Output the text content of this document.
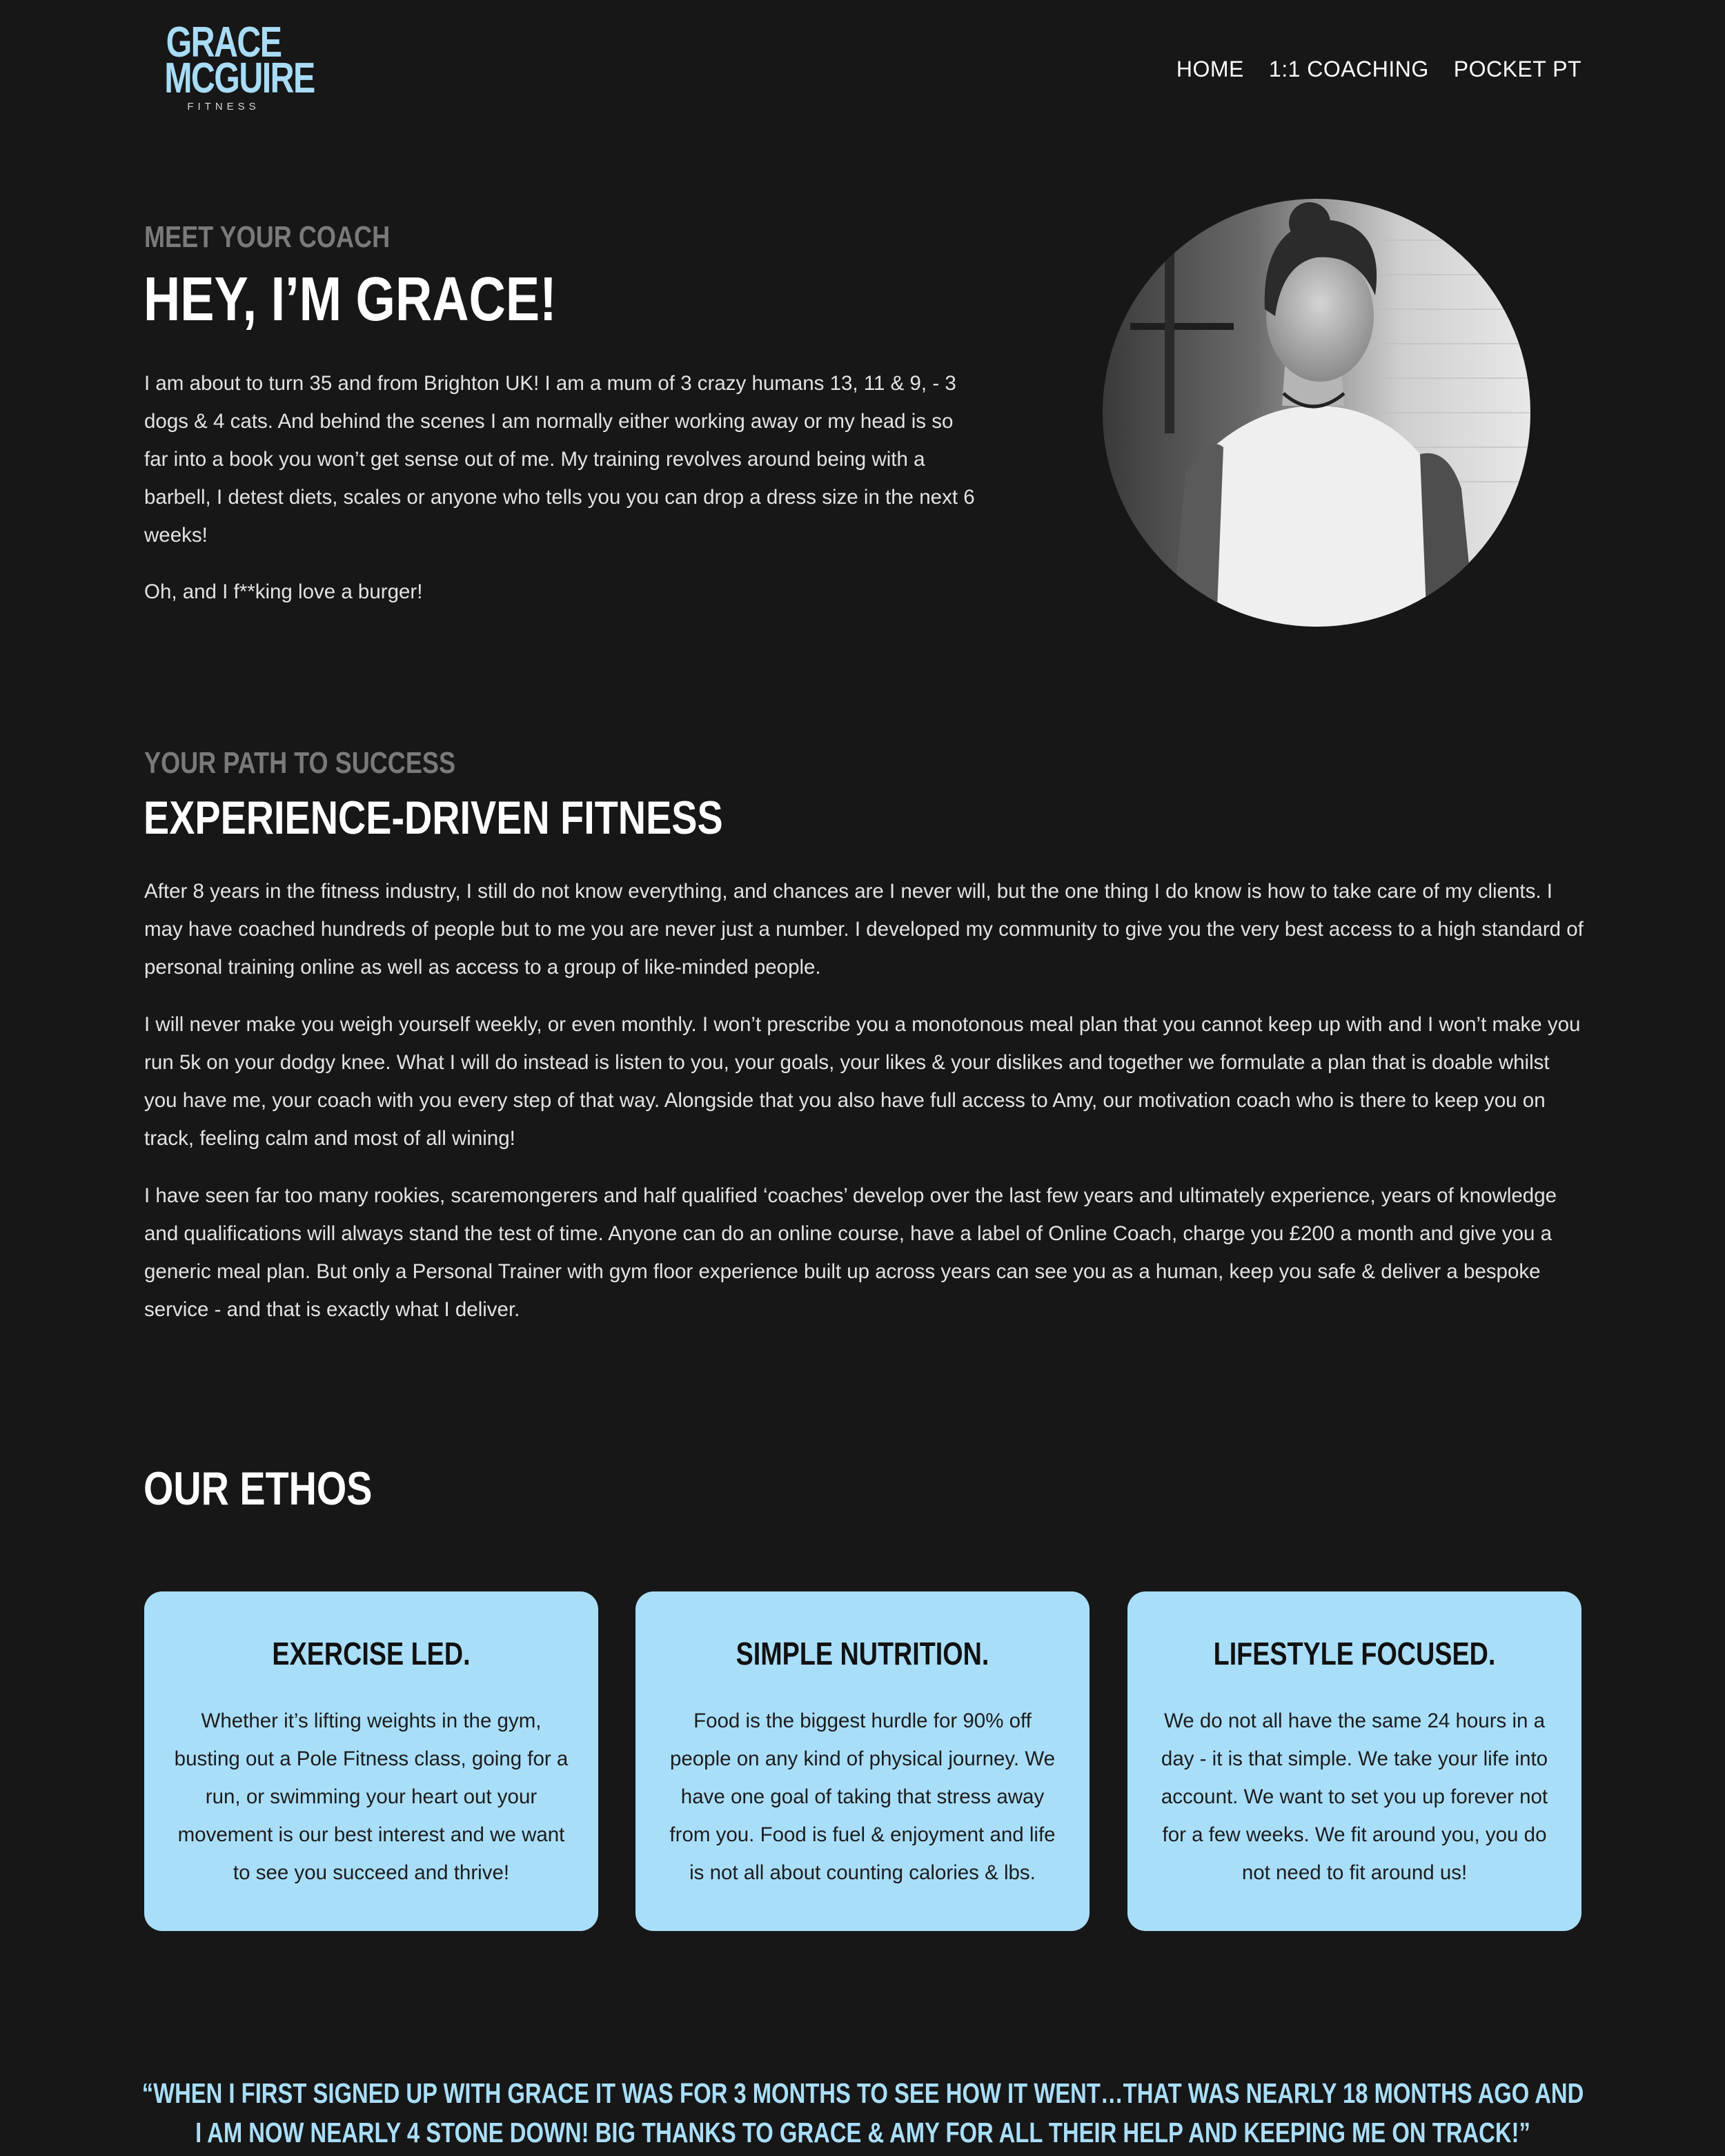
GRACE
MCGUIRE
FITNESS
HOME 1:1 COACHING POCKET PT
MEET YOUR COACH
HEY, I’M GRACE!

I am about to turn 35 and from Brighton UK! I am a mum of 3 crazy humans 13, 11 & 9, - 3 dogs & 4 cats. And behind the scenes I am normally either working away or my head is so far into a book you won’t get sense out of me. My training revolves around being with a barbell, I detest diets, scales or anyone who tells you you can drop a dress size in the next 6 weeks!

Oh, and I f**king love a burger!

YOUR PATH TO SUCCESS
EXPERIENCE-DRIVEN FITNESS

After 8 years in the fitness industry, I still do not know everything, and chances are I never will, but the one thing I do know is how to take care of my clients. I may have coached hundreds of people but to me you are never just a number. I developed my community to give you the very best access to a high standard of personal training online as well as access to a group of like-minded people.

I will never make you weigh yourself weekly, or even monthly. I won’t prescribe you a monotonous meal plan that you cannot keep up with and I won’t make you run 5k on your dodgy knee. What I will do instead is listen to you, your goals, your likes & your dislikes and together we formulate a plan that is doable whilst you have me, your coach with you every step of that way. Alongside that you also have full access to Amy, our motivation coach who is there to keep you on track, feeling calm and most of all wining!

I have seen far too many rookies, scaremongerers and half qualified ‘coaches’ develop over the last few years and ultimately experience, years of knowledge and qualifications will always stand the test of time. Anyone can do an online course, have a label of Online Coach, charge you £200 a month and give you a generic meal plan. But only a Personal Trainer with gym floor experience built up across years can see you as a human, keep you safe & deliver a bespoke service - and that is exactly what I deliver.

OUR ETHOS
EXERCISE LED.

Whether it’s lifting weights in the gym, busting out a Pole Fitness class, going for a run, or swimming your heart out your movement is our best interest and we want to see you succeed and thrive!

SIMPLE NUTRITION.

Food is the biggest hurdle for 90% off people on any kind of physical journey. We have one goal of taking that stress away from you. Food is fuel & enjoyment and life is not all about counting calories & lbs.

LIFESTYLE FOCUSED.

We do not all have the same 24 hours in a day - it is that simple. We take your life into account. We want to set you up forever not for a few weeks. We fit around you, you do not need to fit around us!

“WHEN I FIRST SIGNED UP WITH GRACE IT WAS FOR 3 MONTHS TO SEE HOW IT WENT…THAT WAS NEARLY 18 MONTHS AGO AND I AM NOW NEARLY 4 STONE DOWN! BIG THANKS TO GRACE & AMY FOR ALL THEIR HELP AND KEEPING ME ON TRACK!”
